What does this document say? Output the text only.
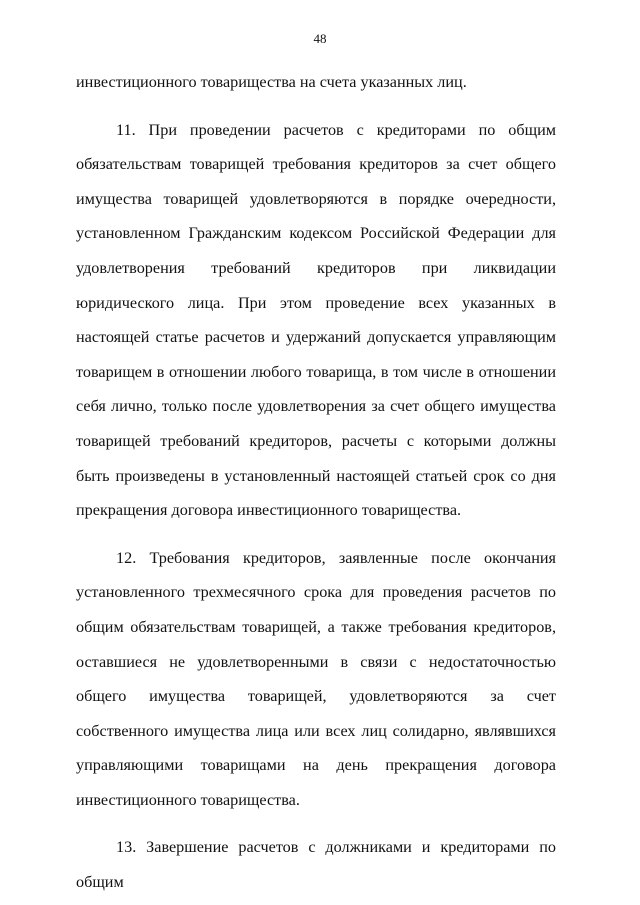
48

инвестиционного товарищества на счета указанных лиц.

11. При проведении расчетов с кредиторами по общим обязательствам товарищей требования кредиторов за счет общего имущества товарищей удовлетворяются в порядке очередности, установленном Гражданским кодексом Российской Федерации для удовлетворения требований кредиторов при ликвидации юридического лица. При этом проведение всех указанных в настоящей статье расчетов и удержаний допускается управляющим товарищем в отношении любого товарища, в том числе в отношении себя лично, только после удовлетворения за счет общего имущества товарищей требований кредиторов, расчеты с которыми должны быть произведены в установленный настоящей статьей срок со дня прекращения договора инвестиционного товарищества.

12. Требования кредиторов, заявленные после окончания установленного трехмесячного срока для проведения расчетов по общим обязательствам товарищей, а также требования кредиторов, оставшиеся не удовлетворенными в связи с недостаточностью общего имущества товарищей, удовлетворяются за счет собственного имущества лица или всех лиц солидарно, являвшихся управляющими товарищами на день прекращения договора инвестиционного товарищества.

13. Завершение расчетов с должниками и кредиторами по общим
